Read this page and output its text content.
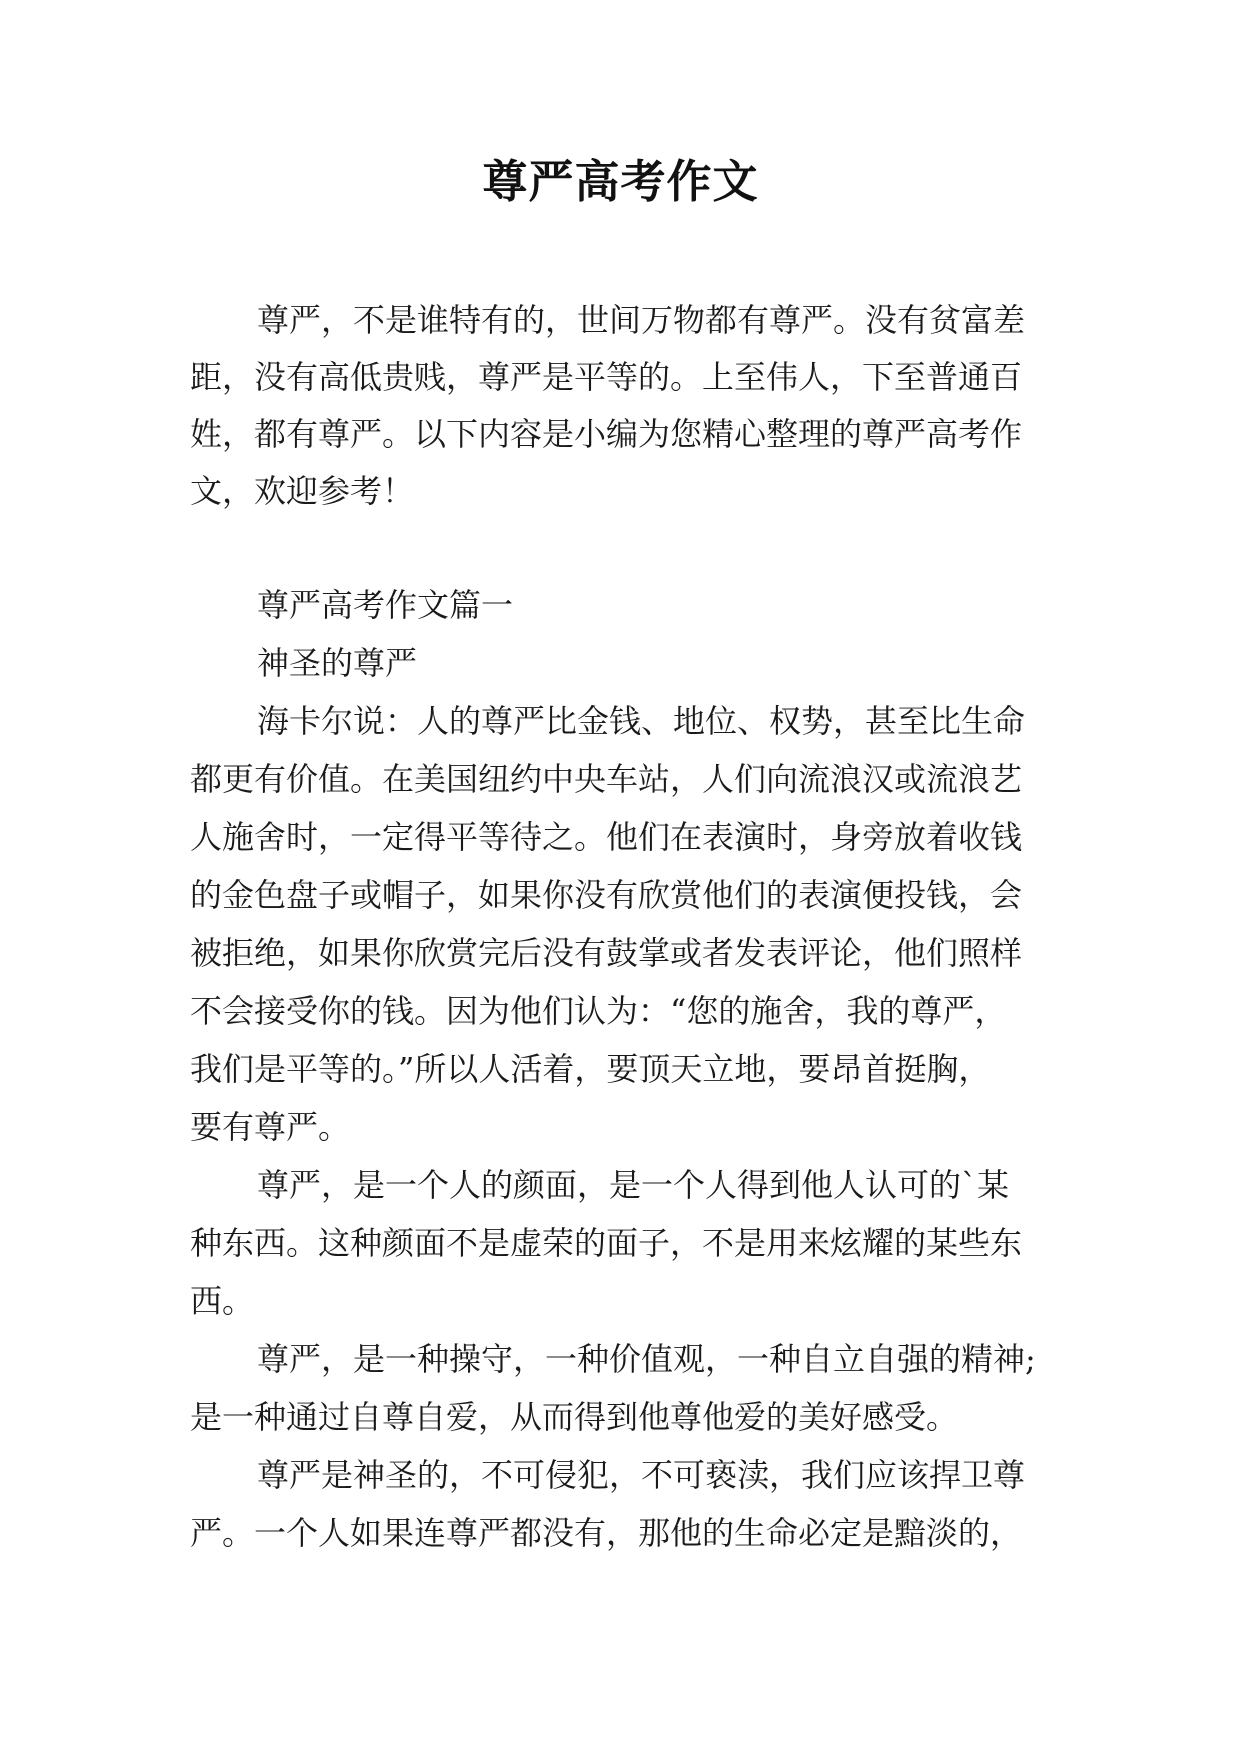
尊严高考作文
尊严，不是谁特有的，世间万物都有尊严。没有贫富差
距，没有高低贵贱，尊严是平等的。上至伟人，下至普通百
姓，都有尊严。以下内容是小编为您精心整理的尊严高考作
文，欢迎参考！
尊严高考作文篇一
神圣的尊严
海卡尔说：人的尊严比金钱、地位、权势，甚至比生命
都更有价值。在美国纽约中央车站，人们向流浪汉或流浪艺
人施舍时，一定得平等待之。他们在表演时，身旁放着收钱
的金色盘子或帽子，如果你没有欣赏他们的表演便投钱，会
被拒绝，如果你欣赏完后没有鼓掌或者发表评论，他们照样
不会接受你的钱。因为他们认为：“您的施舍，我的尊严，
我们是平等的。”所以人活着，要顶天立地，要昂首挺胸，
要有尊严。
尊严，是一个人的颜面，是一个人得到他人认可的`某
种东西。这种颜面不是虚荣的面子，不是用来炫耀的某些东
西。
尊严，是一种操守，一种价值观，一种自立自强的精神;
是一种通过自尊自爱，从而得到他尊他爱的美好感受。
尊严是神圣的，不可侵犯，不可亵渎，我们应该捍卫尊
严。一个人如果连尊严都没有，那他的生命必定是黯淡的，
